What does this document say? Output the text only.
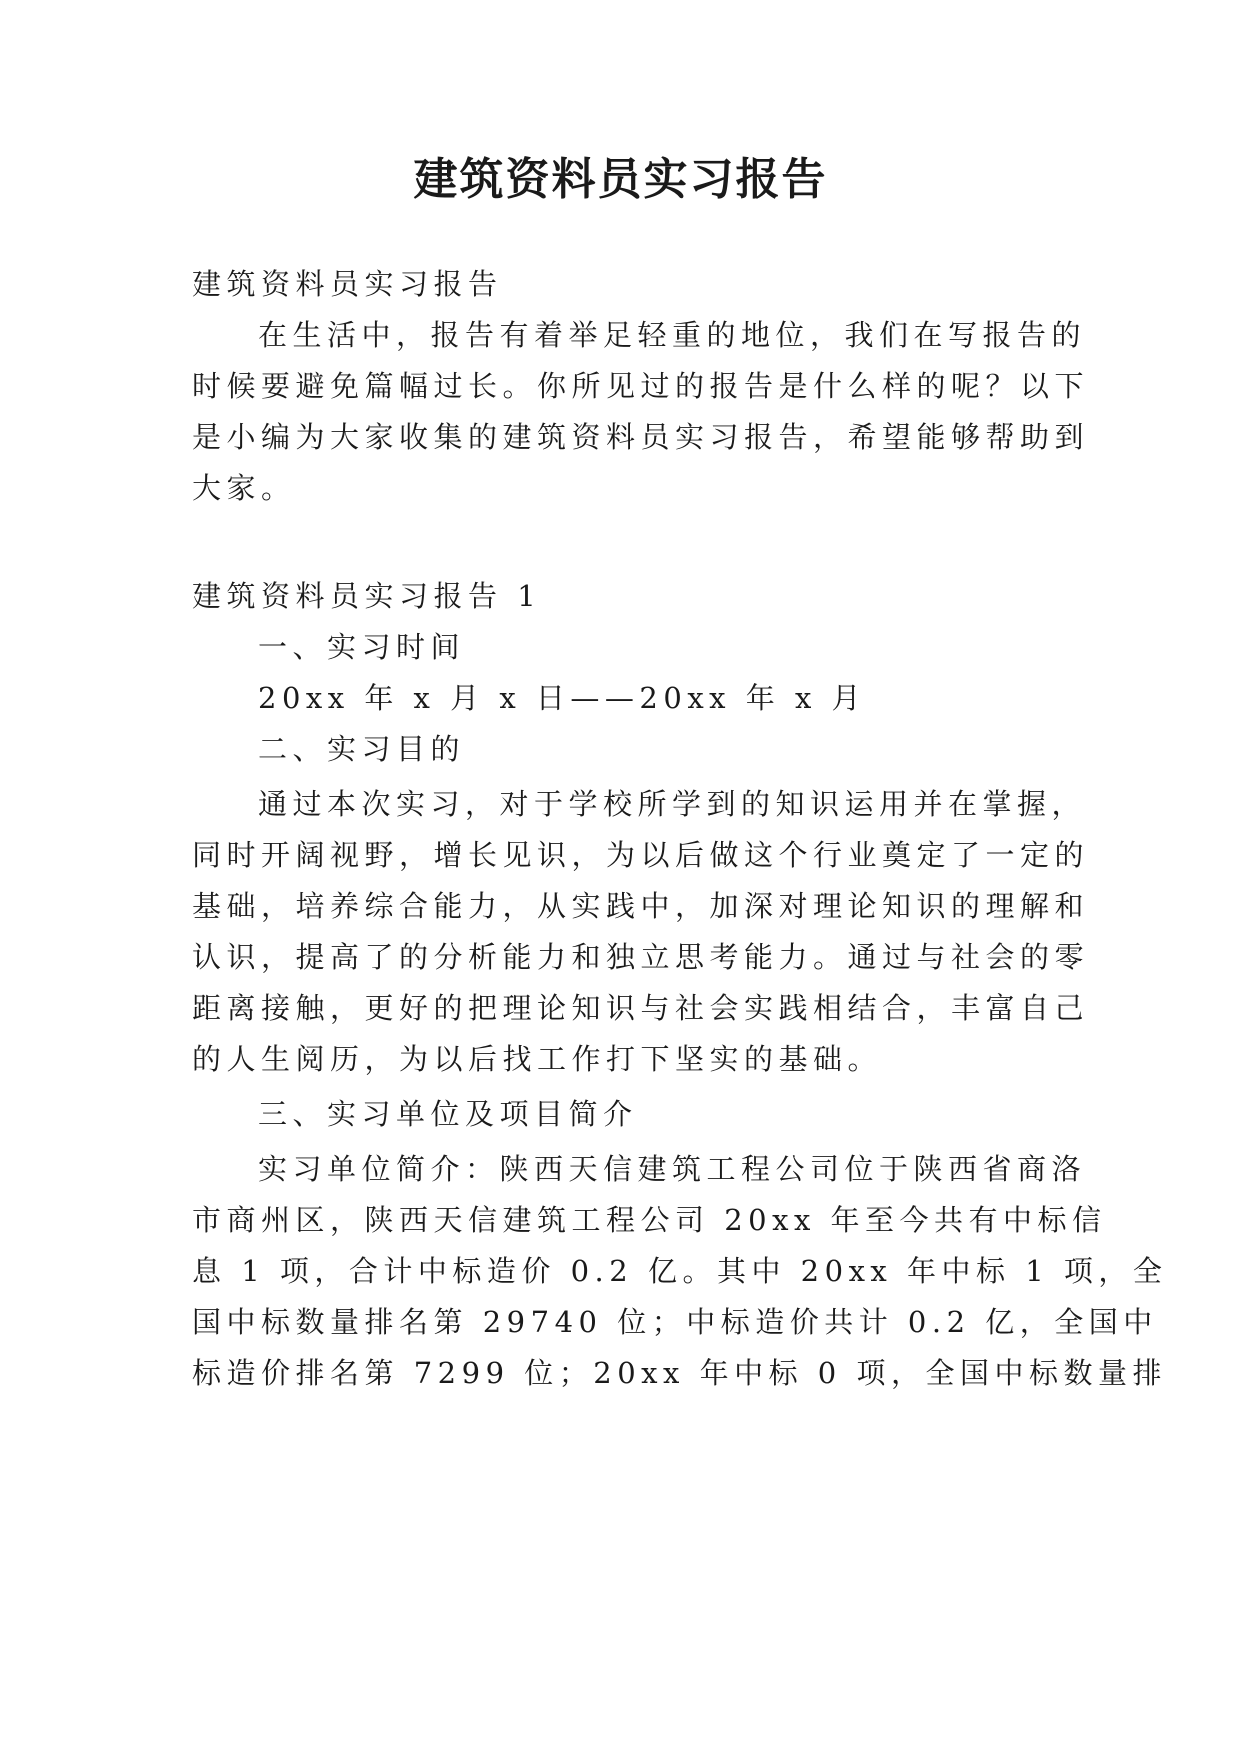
建筑资料员实习报告
建筑资料员实习报告
在生活中，报告有着举足轻重的地位，我们在写报告的
时候要避免篇幅过长。你所见过的报告是什么样的呢？以下
是小编为大家收集的建筑资料员实习报告，希望能够帮助到
大家。
建筑资料员实习报告 1
一、实习时间
20xx 年 x 月 x 日——20xx 年 x 月
二、实习目的
通过本次实习，对于学校所学到的知识运用并在掌握，
同时开阔视野，增长见识，为以后做这个行业奠定了一定的
基础，培养综合能力，从实践中，加深对理论知识的理解和
认识，提高了的分析能力和独立思考能力。通过与社会的零
距离接触，更好的把理论知识与社会实践相结合，丰富自己
的人生阅历，为以后找工作打下坚实的基础。
三、实习单位及项目简介
实习单位简介：陕西天信建筑工程公司位于陕西省商洛
市商州区，陕西天信建筑工程公司 20xx 年至今共有中标信
息 1 项，合计中标造价 0.2 亿。其中 20xx 年中标 1 项，全
国中标数量排名第 29740 位；中标造价共计 0.2 亿，全国中
标造价排名第 7299 位；20xx 年中标 0 项，全国中标数量排
